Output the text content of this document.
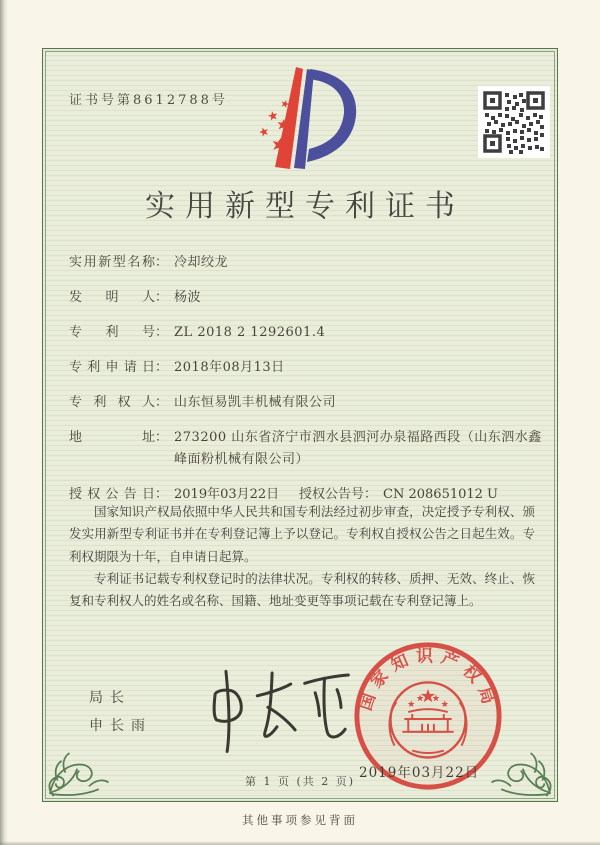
证书号第8612788号
实用新型专利证书
实用新型名称 ： 冷却绞龙
发明人 ： 杨波
专利号 ： ZL 2018 2 1292601.4
专利申请日 ： 2018年08月13日
专利权人 ： 山东恒易凯丰机械有限公司
地址 ： 273200 山东省济宁市泗水县泗河办泉福路西段（山东泗水鑫峰面粉机械有限公司）
授权公告日 ： 2019年03月22日 授权公告号 ： CN 208651012 U

国家知识产权局依照中华人民共和国专利法经过初步审查，决定授予专利权、颁发实用新型专利证书并在专利登记簿上予以登记。专利权自授权公告之日起生效。专利权期限为十年，自申请日起算。

专利证书记载专利权登记时的法律状况。专利权的转移、质押、无效、终止、恢复和专利权人的姓名或名称、国籍、地址变更等事项记载在专利登记簿上。

局长
申长雨
国家知识产权局
2019年03月22日
第 1 页 (共 2 页)
其他事项参见背面
